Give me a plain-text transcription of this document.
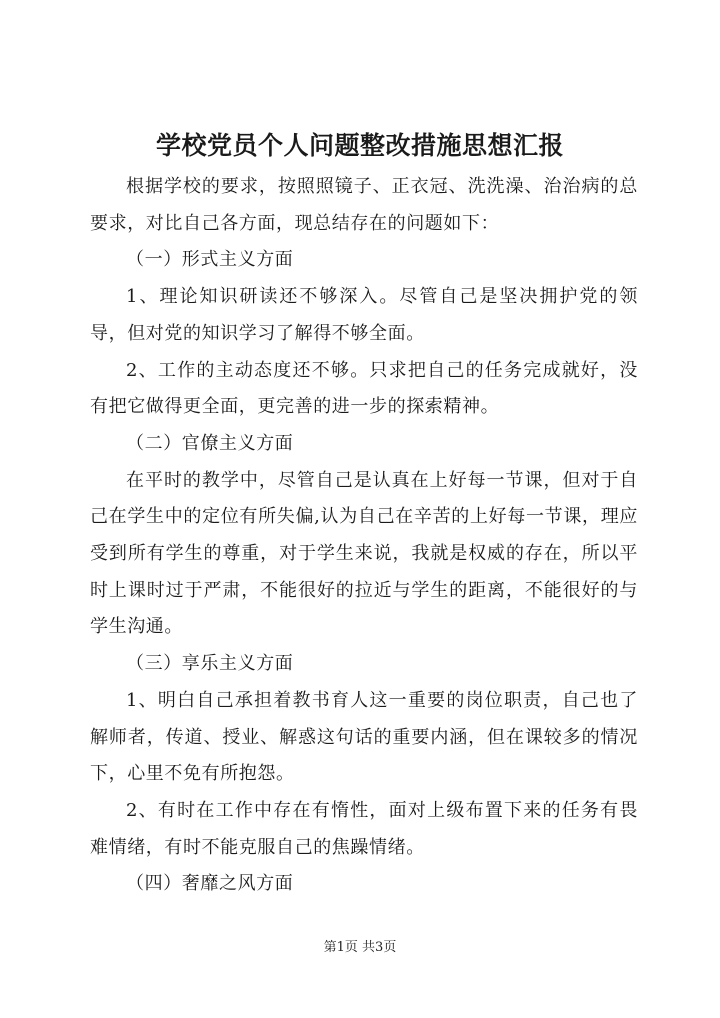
学校党员个人问题整改措施思想汇报

根据学校的要求，按照照镜子、正衣冠、洗洗澡、治治病的总要求，对比自己各方面，现总结存在的问题如下：

（一）形式主义方面

1、理论知识研读还不够深入。尽管自己是坚决拥护党的领导，但对党的知识学习了解得不够全面。

2、工作的主动态度还不够。只求把自己的任务完成就好，没有把它做得更全面，更完善的进一步的探索精神。

（二）官僚主义方面

在平时的教学中，尽管自己是认真在上好每一节课，但对于自己在学生中的定位有所失偏,认为自己在辛苦的上好每一节课，理应受到所有学生的尊重，对于学生来说，我就是权威的存在，所以平时上课时过于严肃，不能很好的拉近与学生的距离，不能很好的与学生沟通。

（三）享乐主义方面

1、明白自己承担着教书育人这一重要的岗位职责，自己也了解师者，传道、授业、解惑这句话的重要内涵，但在课较多的情况下，心里不免有所抱怨。

2、有时在工作中存在有惰性，面对上级布置下来的任务有畏难情绪，有时不能克服自己的焦躁情绪。

（四）奢靡之风方面

第1页 共3页
